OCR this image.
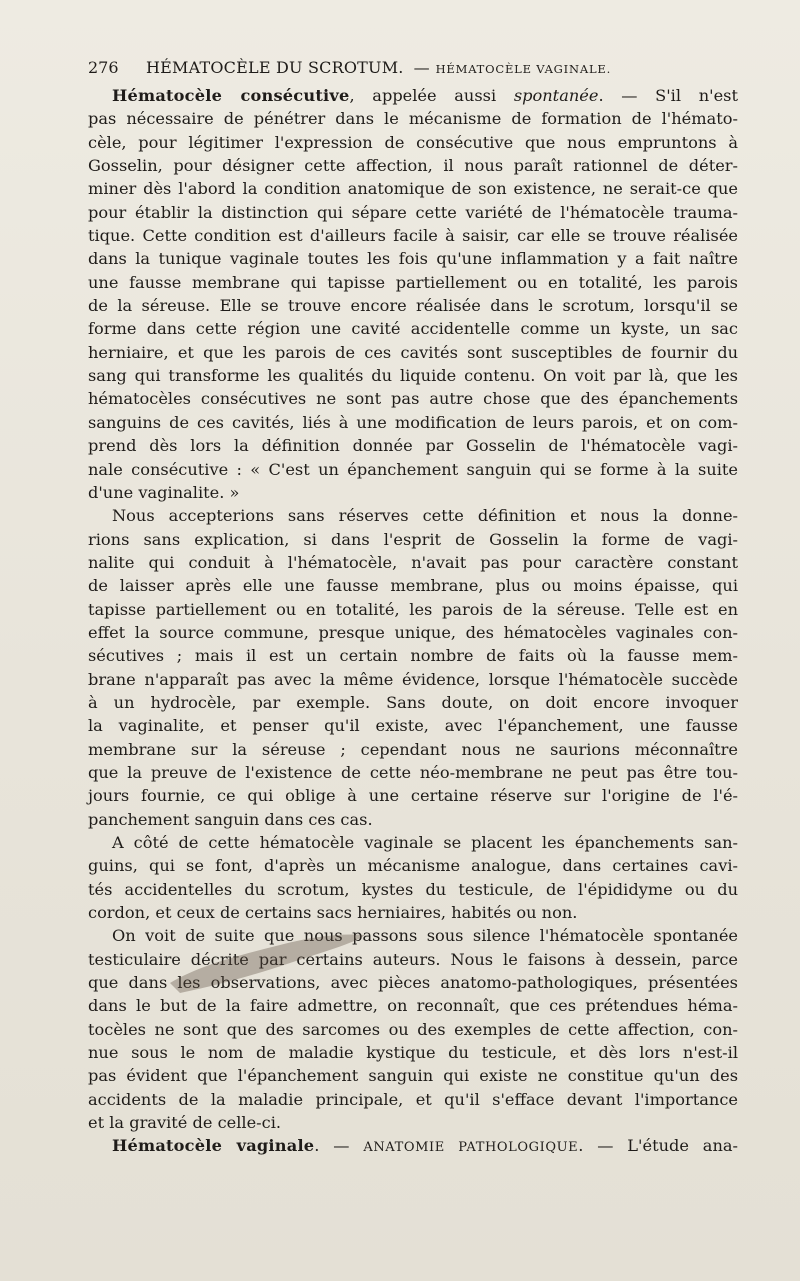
276	HÉMATOCÈLE DU SCROTUM. — HÉMATOCÈLE VAGINALE.
Hématocèle consécutive, appelée aussi spontanée. — S'il n'est
pas nécessaire de pénétrer dans le mécanisme de formation de l'hémato-
cèle, pour légitimer l'expression de consécutive que nous empruntons à
Gosselin, pour désigner cette affection, il nous paraît rationnel de déter-
miner dès l'abord la condition anatomique de son existence, ne serait-ce que
pour établir la distinction qui sépare cette variété de l'hématocèle trauma-
tique. Cette condition est d'ailleurs facile à saisir, car elle se trouve réalisée
dans la tunique vaginale toutes les fois qu'une inflammation y a fait naître
une fausse membrane qui tapisse partiellement ou en totalité, les parois
de la séreuse. Elle se trouve encore réalisée dans le scrotum, lorsqu'il se
forme dans cette région une cavité accidentelle comme un kyste, un sac
herniaire, et que les parois de ces cavités sont susceptibles de fournir du
sang qui transforme les qualités du liquide contenu. On voit par là, que les
hématocèles consécutives ne sont pas autre chose que des épanchements
sanguins de ces cavités, liés à une modification de leurs parois, et on com-
prend dès lors la définition donnée par Gosselin de l'hématocèle vagi-
nale consécutive : « C'est un épanchement sanguin qui se forme à la suite
d'une vaginalite. »
Nous accepterions sans réserves cette définition et nous la donne-
rions sans explication, si dans l'esprit de Gosselin la forme de vagi-
nalite qui conduit à l'hématocèle, n'avait pas pour caractère constant
de laisser après elle une fausse membrane, plus ou moins épaisse, qui
tapisse partiellement ou en totalité, les parois de la séreuse. Telle est en
effet la source commune, presque unique, des hématocèles vaginales con-
sécutives ; mais il est un certain nombre de faits où la fausse mem-
brane n'apparaît pas avec la même évidence, lorsque l'hématocèle succède
à un hydrocèle, par exemple. Sans doute, on doit encore invoquer
la vaginalite, et penser qu'il existe, avec l'épanchement, une fausse
membrane sur la séreuse ; cependant nous ne saurions méconnaître
que la preuve de l'existence de cette néo-membrane ne peut pas être tou-
jours fournie, ce qui oblige à une certaine réserve sur l'origine de l'é-
panchement sanguin dans ces cas.
A côté de cette hématocèle vaginale se placent les épanchements san-
guins, qui se font, d'après un mécanisme analogue, dans certaines cavi-
tés accidentelles du scrotum, kystes du testicule, de l'épididyme ou du
cordon, et ceux de certains sacs herniaires, habités ou non.
On voit de suite que nous passons sous silence l'hématocèle spontanée
testiculaire décrite par certains auteurs. Nous le faisons à dessein, parce
que dans les observations, avec pièces anatomo-pathologiques, présentées
dans le but de la faire admettre, on reconnaît, que ces prétendues héma-
tocèles ne sont que des sarcomes ou des exemples de cette affection, con-
nue sous le nom de maladie kystique du testicule, et dès lors n'est-il
pas évident que l'épanchement sanguin qui existe ne constitue qu'un des
accidents de la maladie principale, et qu'il s'efface devant l'importance
et la gravité de celle-ci.
Hématocèle vaginale. — ANATOMIE PATHOLOGIQUE. — L'étude ana-
